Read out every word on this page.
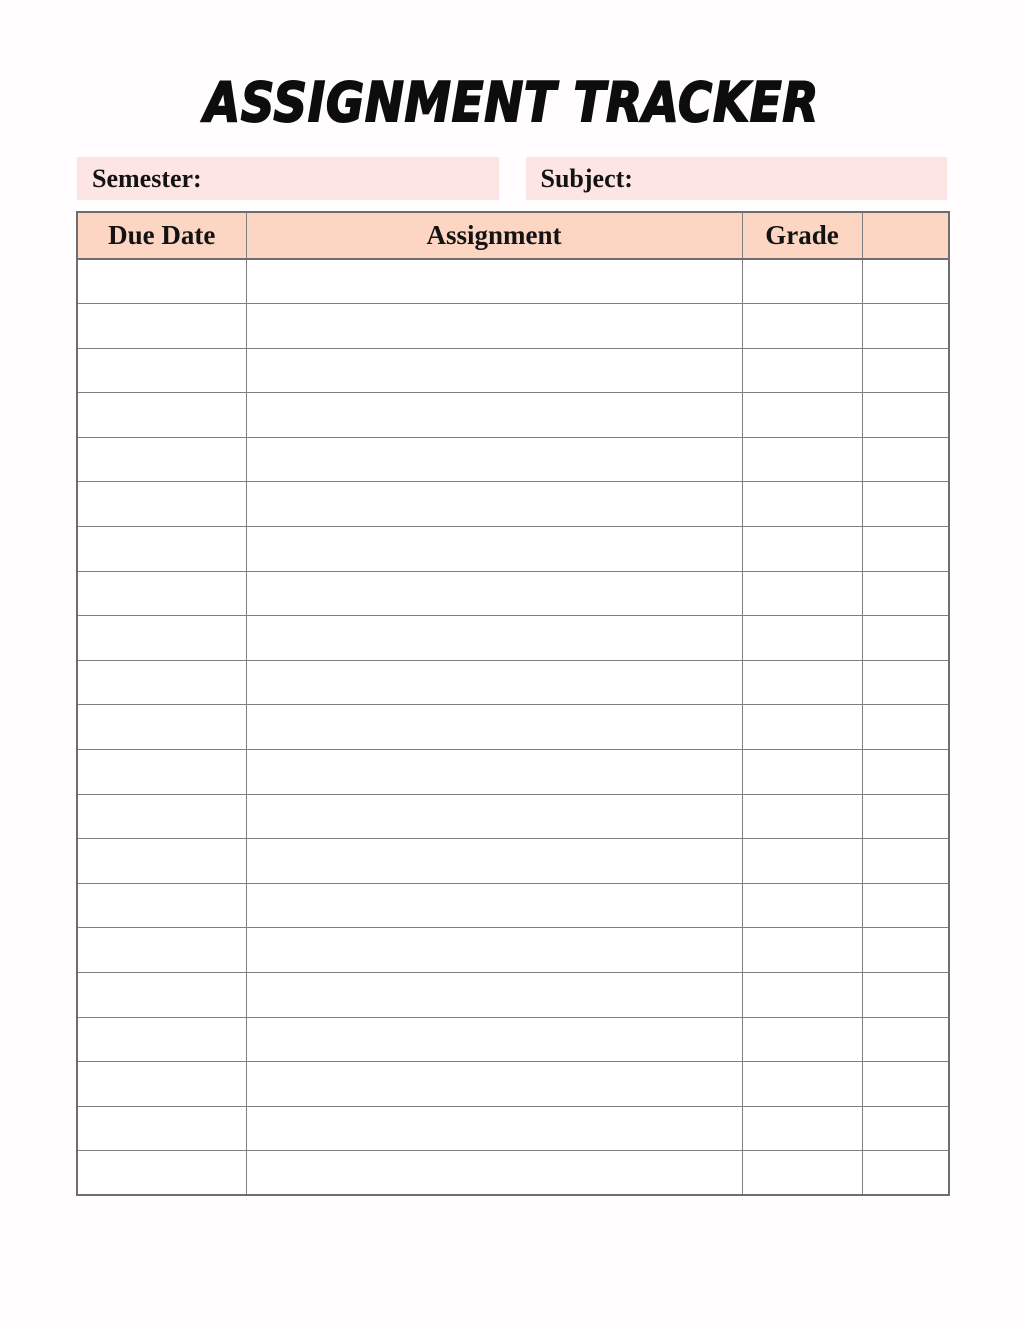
ASSIGNMENT TRACKER
Semester:	Subject:
Due Date	Assignment	Grade	
